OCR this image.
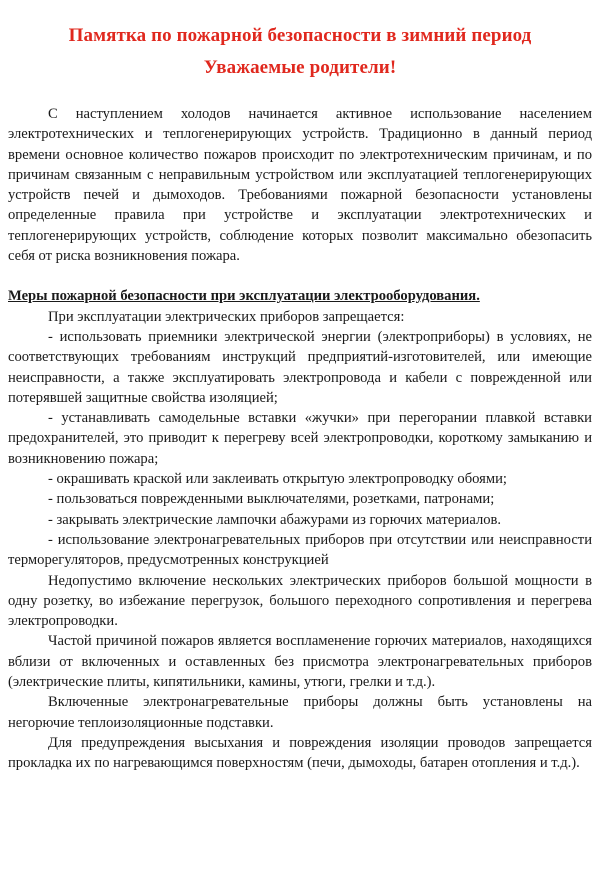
Памятка по пожарной безопасности в зимний период
Уважаемые родители!

С наступлением холодов начинается активное использование населением электротехнических и теплогенерирующих устройств. Традиционно в данный период времени основное количество пожаров происходит по электротехническим причинам, и по причинам связанным с неправильным устройством или эксплуатацией теплогенерирующих устройств печей и дымоходов. Требованиями пожарной безопасности установлены определенные правила при устройстве и эксплуатации электротехнических и теплогенерирующих устройств, соблюдение которых позволит максимально обезопасить себя от риска возникновения пожара.

Меры пожарной безопасности при эксплуатации электрооборудования.

При эксплуатации электрических приборов запрещается:

- использовать приемники электрической энергии (электроприборы) в условиях, не соответствующих требованиям инструкций предприятий-изготовителей, или имеющие неисправности, а также эксплуатировать электропровода и кабели с поврежденной или потерявшей защитные свойства изоляцией;

- устанавливать самодельные вставки «жучки» при перегорании плавкой вставки предохранителей, это приводит к перегреву всей электропроводки, короткому замыканию и возникновению пожара;

- окрашивать краской или заклеивать открытую электропроводку обоями;

- пользоваться поврежденными выключателями, розетками, патронами;

- закрывать электрические лампочки абажурами из горючих материалов.

- использование электронагревательных приборов при отсутствии или неисправности терморегуляторов, предусмотренных конструкцией

Недопустимо включение нескольких электрических приборов большой мощности в одну розетку, во избежание перегрузок, большого переходного сопротивления и перегрева электропроводки.

Частой причиной пожаров является воспламенение горючих материалов, находящихся вблизи от включенных и оставленных без присмотра электронагревательных приборов (электрические плиты, кипятильники, камины, утюги, грелки и т.д.).

Включенные электронагревательные приборы должны быть установлены на негорючие теплоизоляционные подставки.

Для предупреждения высыхания и повреждения изоляции проводов запрещается прокладка их по нагревающимся поверхностям (печи, дымоходы, батарен отопления и т.д.).
